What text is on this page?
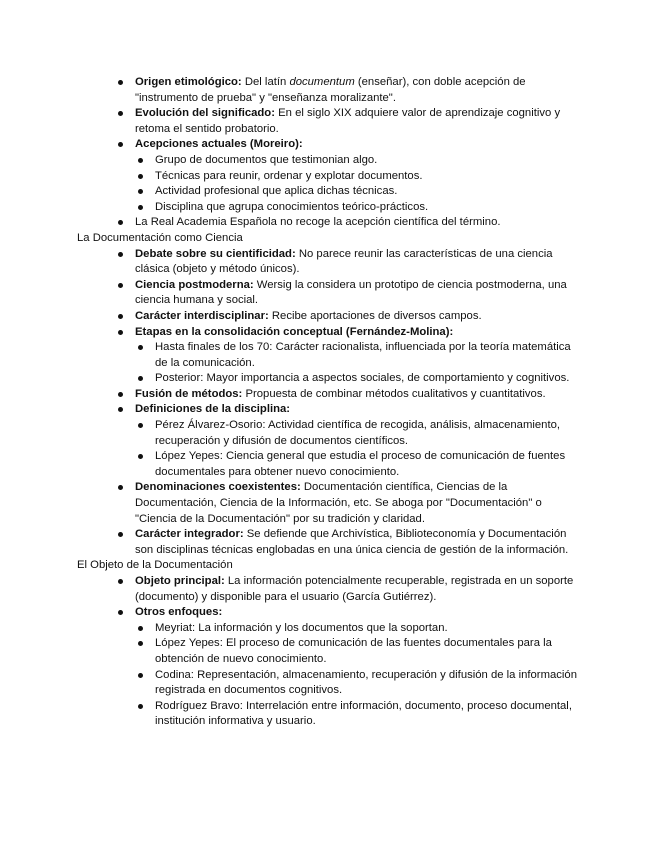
Origen etimológico: Del latín documentum (enseñar), con doble acepción de "instrumento de prueba" y "enseñanza moralizante".
Evolución del significado: En el siglo XIX adquiere valor de aprendizaje cognitivo y retoma el sentido probatorio.
Acepciones actuales (Moreiro):
Grupo de documentos que testimonian algo.
Técnicas para reunir, ordenar y explotar documentos.
Actividad profesional que aplica dichas técnicas.
Disciplina que agrupa conocimientos teórico-prácticos.
La Real Academia Española no recoge la acepción científica del término.
La Documentación como Ciencia
Debate sobre su cientificidad: No parece reunir las características de una ciencia clásica (objeto y método únicos).
Ciencia postmoderna: Wersig la considera un prototipo de ciencia postmoderna, una ciencia humana y social.
Carácter interdisciplinar: Recibe aportaciones de diversos campos.
Etapas en la consolidación conceptual (Fernández-Molina):
Hasta finales de los 70: Carácter racionalista, influenciada por la teoría matemática de la comunicación.
Posterior: Mayor importancia a aspectos sociales, de comportamiento y cognitivos.
Fusión de métodos: Propuesta de combinar métodos cualitativos y cuantitativos.
Definiciones de la disciplina:
Pérez Álvarez-Osorio: Actividad científica de recogida, análisis, almacenamiento, recuperación y difusión de documentos científicos.
López Yepes: Ciencia general que estudia el proceso de comunicación de fuentes documentales para obtener nuevo conocimiento.
Denominaciones coexistentes: Documentación científica, Ciencias de la Documentación, Ciencia de la Información, etc. Se aboga por "Documentación" o "Ciencia de la Documentación" por su tradición y claridad.
Carácter integrador: Se defiende que Archivística, Biblioteconomía y Documentación son disciplinas técnicas englobadas en una única ciencia de gestión de la información.
El Objeto de la Documentación
Objeto principal: La información potencialmente recuperable, registrada en un soporte (documento) y disponible para el usuario (García Gutiérrez).
Otros enfoques:
Meyriat: La información y los documentos que la soportan.
López Yepes: El proceso de comunicación de las fuentes documentales para la obtención de nuevo conocimiento.
Codina: Representación, almacenamiento, recuperación y difusión de la información registrada en documentos cognitivos.
Rodríguez Bravo: Interrelación entre información, documento, proceso documental, institución informativa y usuario.
